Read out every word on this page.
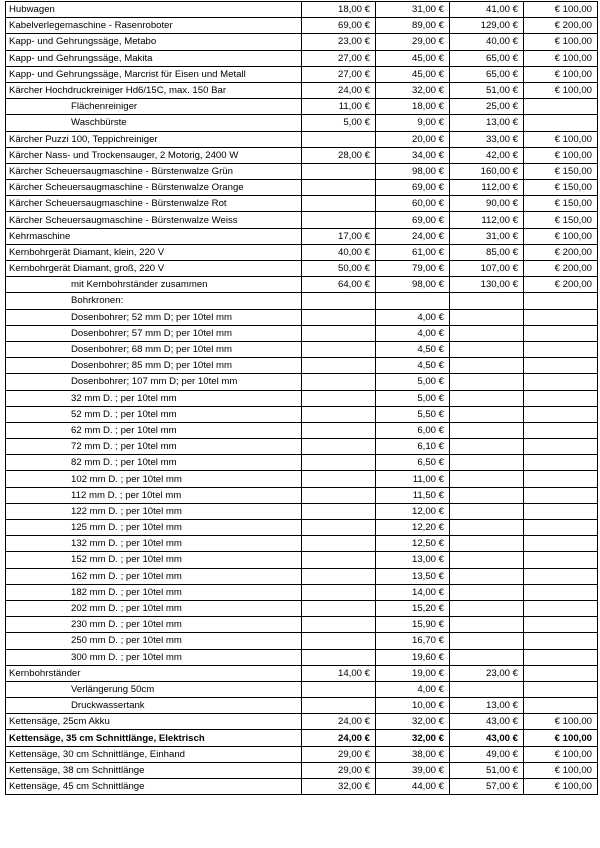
Hubwagen	18,00 €	31,00 €	41,00 €	€ 100,00
Kabelverlegemaschine - Rasenroboter	69,00 €	89,00 €	129,00 €	€ 200,00
Kapp- und Gehrungssäge, Metabo	23,00 €	29,00 €	40,00 €	€ 100,00
Kapp- und Gehrungssäge, Makita	27,00 €	45,00 €	65,00 €	€ 100,00
Kapp- und Gehrungssäge, Marcrist für Eisen und Metall	27,00 €	45,00 €	65,00 €	€ 100,00
Kärcher Hochdruckreiniger Hd6/15C, max. 150 Bar	24,00 €	32,00 €	51,00 €	€ 100,00
Flächenreiniger	11,00 €	18,00 €	25,00 €	
Waschbürste	5,00 €	9,00 €	13,00 €	
Kärcher Puzzi 100, Teppichreiniger		20,00 €	33,00 €	€ 100,00
Kärcher Nass- und Trockensauger, 2 Motorig, 2400 W	28,00 €	34,00 €	42,00 €	€ 100,00
Kärcher Scheuersaugmaschine - Bürstenwalze Grün		98,00 €	160,00 €	€ 150,00
Kärcher Scheuersaugmaschine - Bürstenwalze Orange		69,00 €	112,00 €	€ 150,00
Kärcher Scheuersaugmaschine - Bürstenwalze Rot		60,00 €	90,00 €	€ 150,00
Kärcher Scheuersaugmaschine - Bürstenwalze Weiss		69,00 €	112,00 €	€ 150,00
Kehrmaschine	17,00 €	24,00 €	31,00 €	€ 100,00
Kernbohrgerät Diamant, klein, 220 V	40,00 €	61,00 €	85,00 €	€ 200,00
Kernbohrgerät Diamant, groß, 220 V	50,00 €	79,00 €	107,00 €	€ 200,00
mit Kernbohrständer zusammen	64,00 €	98,00 €	130,00 €	€ 200,00
Bohrkronen:				
Dosenbohrer; 52 mm D; per 10tel mm		4,00 €		
Dosenbohrer; 57 mm D; per 10tel mm		4,00 €		
Dosenbohrer; 68 mm D; per 10tel mm		4,50 €		
Dosenbohrer; 85 mm D; per 10tel mm		4,50 €		
Dosenbohrer; 107 mm D; per 10tel mm		5,00 €		
32 mm D. ; per 10tel mm		5,00 €		
52 mm D. ; per 10tel mm		5,50 €		
62 mm D. ; per 10tel mm		6,00 €		
72 mm D. ; per 10tel mm		6,10 €		
82 mm D. ; per 10tel mm		6,50 €		
102 mm D. ; per 10tel mm		11,00 €		
112 mm D. ; per 10tel mm		11,50 €		
122 mm D. ; per 10tel mm		12,00 €		
125 mm D. ; per 10tel mm		12,20 €		
132 mm D. ; per 10tel mm		12,50 €		
152 mm D. ; per 10tel mm		13,00 €		
162 mm D. ; per 10tel mm		13,50 €		
182 mm D. ; per 10tel mm		14,00 €		
202 mm D. ; per 10tel mm		15,20 €		
230 mm D. ; per 10tel mm		15,90 €		
250 mm D. ; per 10tel mm		16,70 €		
300 mm D. ; per 10tel mm		19,60 €		
Kernbohrständer	14,00 €	19,00 €	23,00 €	
Verlängerung 50cm		4,00 €		
Druckwassertank		10,00 €	13,00 €	
Kettensäge, 25cm Akku	24,00 €	32,00 €	43,00 €	€ 100,00
Kettensäge, 35 cm Schnittlänge, Elektrisch	24,00 €	32,00 €	43,00 €	€ 100,00
Kettensäge, 30 cm Schnittlänge, Einhand	29,00 €	38,00 €	49,00 €	€ 100,00
Kettensäge, 38 cm Schnittlänge	29,00 €	39,00 €	51,00 €	€ 100,00
Kettensäge, 45 cm Schnittlänge	32,00 €	44,00 €	57,00 €	€ 100,00
